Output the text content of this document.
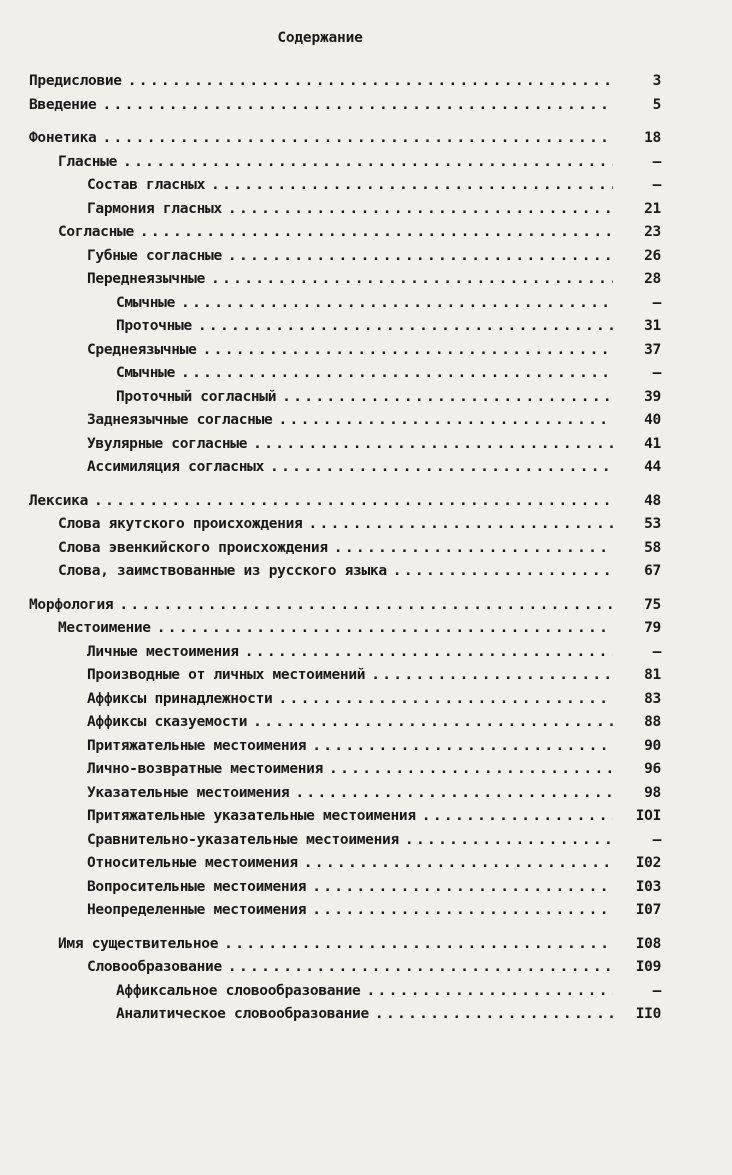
Содержание
Предисловие . . .	3
Введение . . .	5
Фонетика . . .	18
Гласные . . .	–
Состав гласных . . .	–
Гармония гласных . . .	21
Согласные . . .	23
Губные согласные . . .	26
Переднеязычные . . .	28
Смычные . . .	–
Проточные . . .	31
Среднеязычные . . .	37
Смычные . . .	–
Проточный согласный . . .	39
Заднеязычные согласные . . .	40
Увулярные согласные . . .	41
Ассимиляция согласных . . .	44
Лексика . . .	48
Слова якутского происхождения . . .	53
Слова эвенкийского происхождения . . .	58
Слова, заимствованные из русского языка . . .	67
Морфология . . .	75
Местоимение . . .	79
Личные местоимения . . .	–
Производные от личных местоимений . . .	81
Аффиксы принадлежности . . .	83
Аффиксы сказуемости . . .	88
Притяжательные местоимения . . .	90
Лично-возвратные местоимения . . .	96
Указательные местоимения . . .	98
Притяжательные указательные местоимения . . .	IOI
Сравнительно-указательные местоимения . . .	–
Относительные местоимения . . .	I02
Вопросительные местоимения . . .	I03
Неопределенные местоимения . . .	I07
Имя существительное . . .	I08
Словообразование . . .	I09
Аффиксальное словообразование . . .	–
Аналитическое словообразование . . .	II0
